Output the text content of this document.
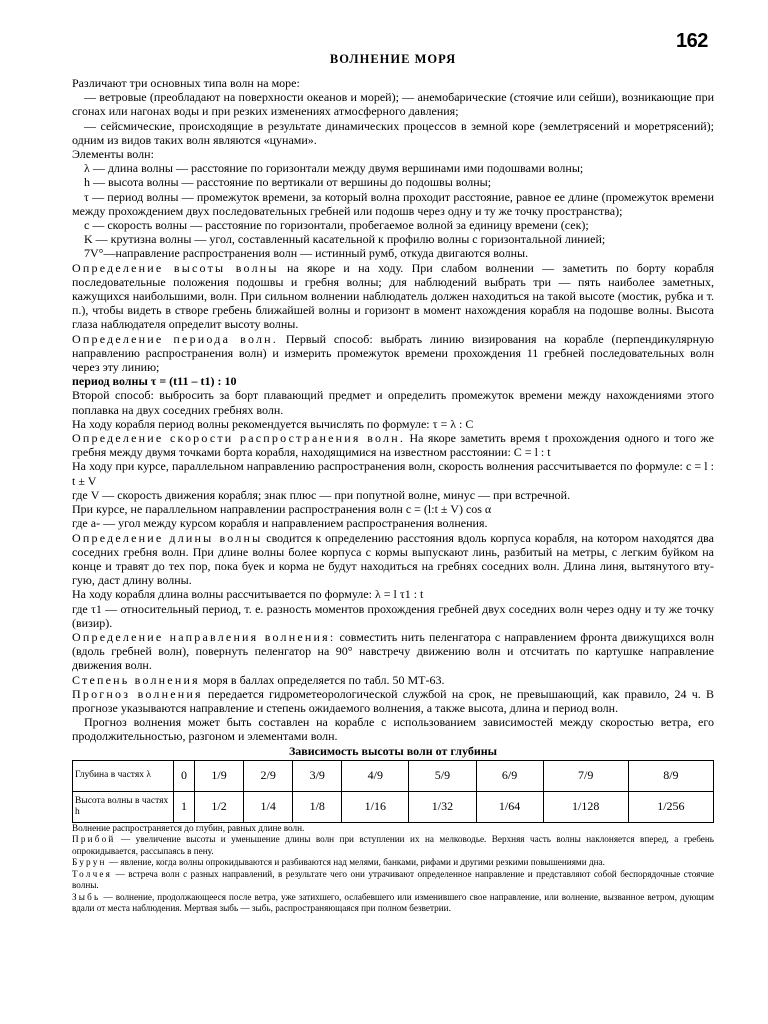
162
ВОЛНЕНИЕ МОРЯ

Различают три основных типа волн на море:

— ветровые (преобладают на поверхности океанов и морей); — анемобарические (стоячие или сейши), возникающие при сгонах или нагонах воды и при резких изменениях атмосферного давления;

— сейсмические, происходящие в результате динамических процессов в земной коре (землетрясений и моретрясений); одним из видов таких волн являются «цунами».

Элементы волн:

λ — длина волны — расстояние по горизонтали между двумя вершинами ими подошвами волны;

h — высота волны — расстояние по вертикали от вершины до подошвы волны;

τ — период волны — промежуток времени, за который волна проходит расстояние, равное ее длине (промежуток времени между прохождением двух последовательных гребней или подошв через одну и ту же точку пространства);

c — скорость волны — расстояние по горизонтали, пробегаемое волной за единицу времени (сек);

K — крутизна волны — угол, составленный касательной к профилю волны с горизонтальной линией;

7V°—направление распространения волн — истинный румб, откуда двигаются волны.

Определение высоты волны на якоре и на ходу. При слабом волнении — заметить по борту корабля последовательные положения подошвы и гребня волны; для наблюдений выбрать три — пять наиболее заметных, кажущихся наибольшими, волн. При сильном волнении наблюдатель должен находиться на такой высоте (мостик, рубка и т. п.), чтобы видеть в створе гребень ближайшей волны и горизонт в момент нахождения корабля на подошве волны. Высота глаза наблюдателя определит высоту волны.

Определение периода волн. Первый способ: выбрать линию визирования на корабле (перпендикулярную направлению распространения волн) и измерить промежуток времени прохождения 11 гребней последовательных волн через эту линию;

период волны τ = (t11 – t1) : 10

Второй способ: выбросить за борт плавающий предмет и определить промежуток времени между нахождениями этого поплавка на двух соседних гребнях волн.

На ходу корабля период волны рекомендуется вычислять по формуле: τ = λ : C

Определение скорости распространения волн. На якоре заметить время t прохождения одного и того же гребня между двумя точками борта корабля, находящимися на известном расстоянии: C = l : t

На ходу при курсе, параллельном направлению распространения волн, скорость волнения рассчитывается по формуле: c = l : t ± V

где V — скорость движения корабля; знак плюс — при попутной волне, минус — при встречной.

При курсе, не параллельном направлении распространения волн c = (l:t ± V) cos α

где a- — угол между курсом корабля и направлением распространения волнения.

Определение длины волны сводится к определению расстояния вдоль корпуса корабля, на котором находятся два соседних гребня волн. При длине волны более корпуса с кормы выпускают линь, разбитый на метры, с легким буйком на конце и травят до тех пор, пока буек и корма не будут находиться на гребнях соседних волн. Длина линя, вытянутого вту-гую, даст длину волны.

На ходу корабля длина волны рассчитывается по формуле: λ = l τ1 : t

где τ1 — относительный период, т. е. разность моментов прохождения гребней двух соседних волн через одну и ту же точку (визир).

Определение направления волнения: совместить нить пеленгатора с направлением фронта движущихся волн (вдоль гребней волн), повернуть пеленгатор на 90° навстречу движению волн и отсчитать по картушке направление движения волн.

Степень волнения моря в баллах определяется по табл. 50 МТ-63.

Прогноз волнения передается гидрометеорологической службой на срок, не превышающий, как правило, 24 ч. В прогнозе указываются направление и степень ожидаемого волнения, а также высота, длина и период волн.

Прогноз волнения может быть составлен на корабле с использованием зависимостей между скоростью ветра, его продолжительностью, разгоном и элементами волн.

Зависимость высоты волн от глубины
Глубина в частях λ	0	1/9	2/9	3/9	4/9	5/9	6/9	7/9	8/9
Высота волны в частях h	1	1/2	1/4	1/8	1/16	1/32	1/64	1/128	1/256

Волнение распространяется до глубин, равных длине волн.

Прибой — увеличение высоты и уменьшение длины волн при вступлении их на мелководье. Верхняя часть волны наклоняется вперед, а гребень опрокидывается, рассыпаясь в пену.

Бурун — явление, когда волны опрокидываются и разбиваются над мелями, банками, рифами и другими резкими повышениями дна.

Толчея — встреча волн с разных направлений, в результате чего они утрачивают определенное направление и представляют собой беспорядочные стоячие волны.

Зыбь — волнение, продолжающееся после ветра, уже затихшего, ослабевшего или изменившего свое направление, или волнение, вызванное ветром, дующим вдали от места наблюдения. Мертвая зыбь — зыбь, распространяющаяся при полном безветрии.
